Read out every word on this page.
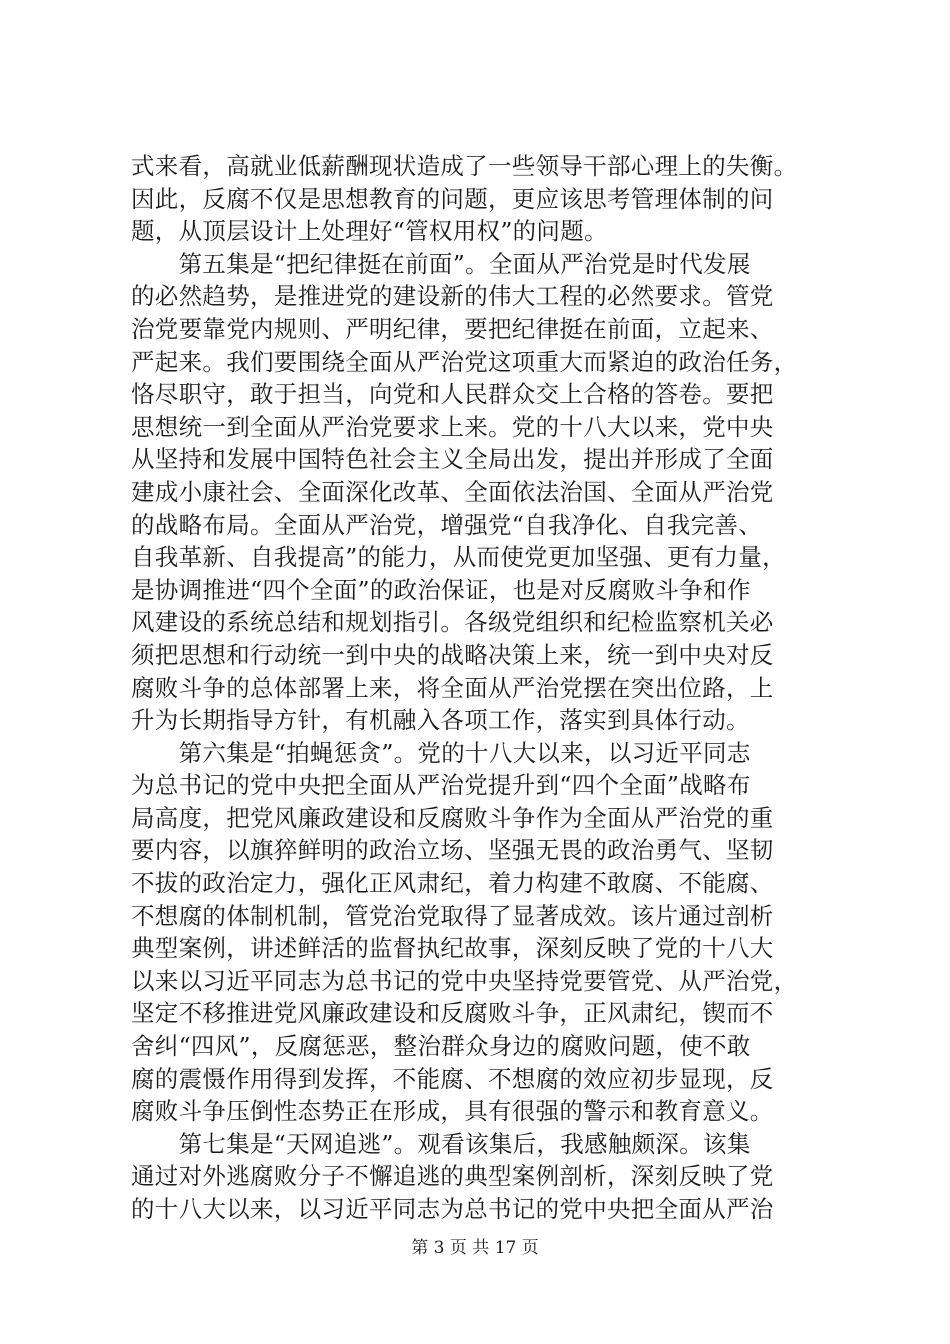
式来看，高就业低薪酬现状造成了一些领导干部心理上的失衡。
因此，反腐不仅是思想教育的问题，更应该思考管理体制的问
题，从顶层设计上处理好“管权用权”的问题。
　　第五集是“把纪律挺在前面”。全面从严治党是时代发展
的必然趋势，是推进党的建设新的伟大工程的必然要求。管党
治党要靠党内规则、严明纪律，要把纪律挺在前面，立起来、
严起来。我们要围绕全面从严治党这项重大而紧迫的政治任务，
恪尽职守，敢于担当，向党和人民群众交上合格的答卷。要把
思想统一到全面从严治党要求上来。党的十八大以来，党中央
从坚持和发展中国特色社会主义全局出发，提出并形成了全面
建成小康社会、全面深化改革、全面依法治国、全面从严治党
的战略布局。全面从严治党，增强党“自我净化、自我完善、
自我革新、自我提高”的能力，从而使党更加坚强、更有力量，
是协调推进“四个全面”的政治保证，也是对反腐败斗争和作
风建设的系统总结和规划指引。各级党组织和纪检监察机关必
须把思想和行动统一到中央的战略决策上来，统一到中央对反
腐败斗争的总体部署上来，将全面从严治党摆在突出位路，上
升为长期指导方针，有机融入各项工作，落实到具体行动。
　　第六集是“拍蝇惩贪”。党的十八大以来，以习近平同志
为总书记的党中央把全面从严治党提升到“四个全面”战略布
局高度，把党风廉政建设和反腐败斗争作为全面从严治党的重
要内容，以旗猝鲜明的政治立场、坚强无畏的政治勇气、坚韧
不拔的政治定力，强化正风肃纪，着力构建不敢腐、不能腐、
不想腐的体制机制，管党治党取得了显著成效。该片通过剖析
典型案例，讲述鲜活的监督执纪故事，深刻反映了党的十八大
以来以习近平同志为总书记的党中央坚持党要管党、从严治党，
坚定不移推进党风廉政建设和反腐败斗争，正风肃纪，锲而不
舍纠“四风”，反腐惩恶，整治群众身边的腐败问题，使不敢
腐的震慑作用得到发挥，不能腐、不想腐的效应初步显现，反
腐败斗争压倒性态势正在形成，具有很强的警示和教育意义。
　　第七集是“天网追逃”。观看该集后，我感触颇深。该集
通过对外逃腐败分子不懈追逃的典型案例剖析，深刻反映了党
的十八大以来，以习近平同志为总书记的党中央把全面从严治
第 3 页 共 17 页
